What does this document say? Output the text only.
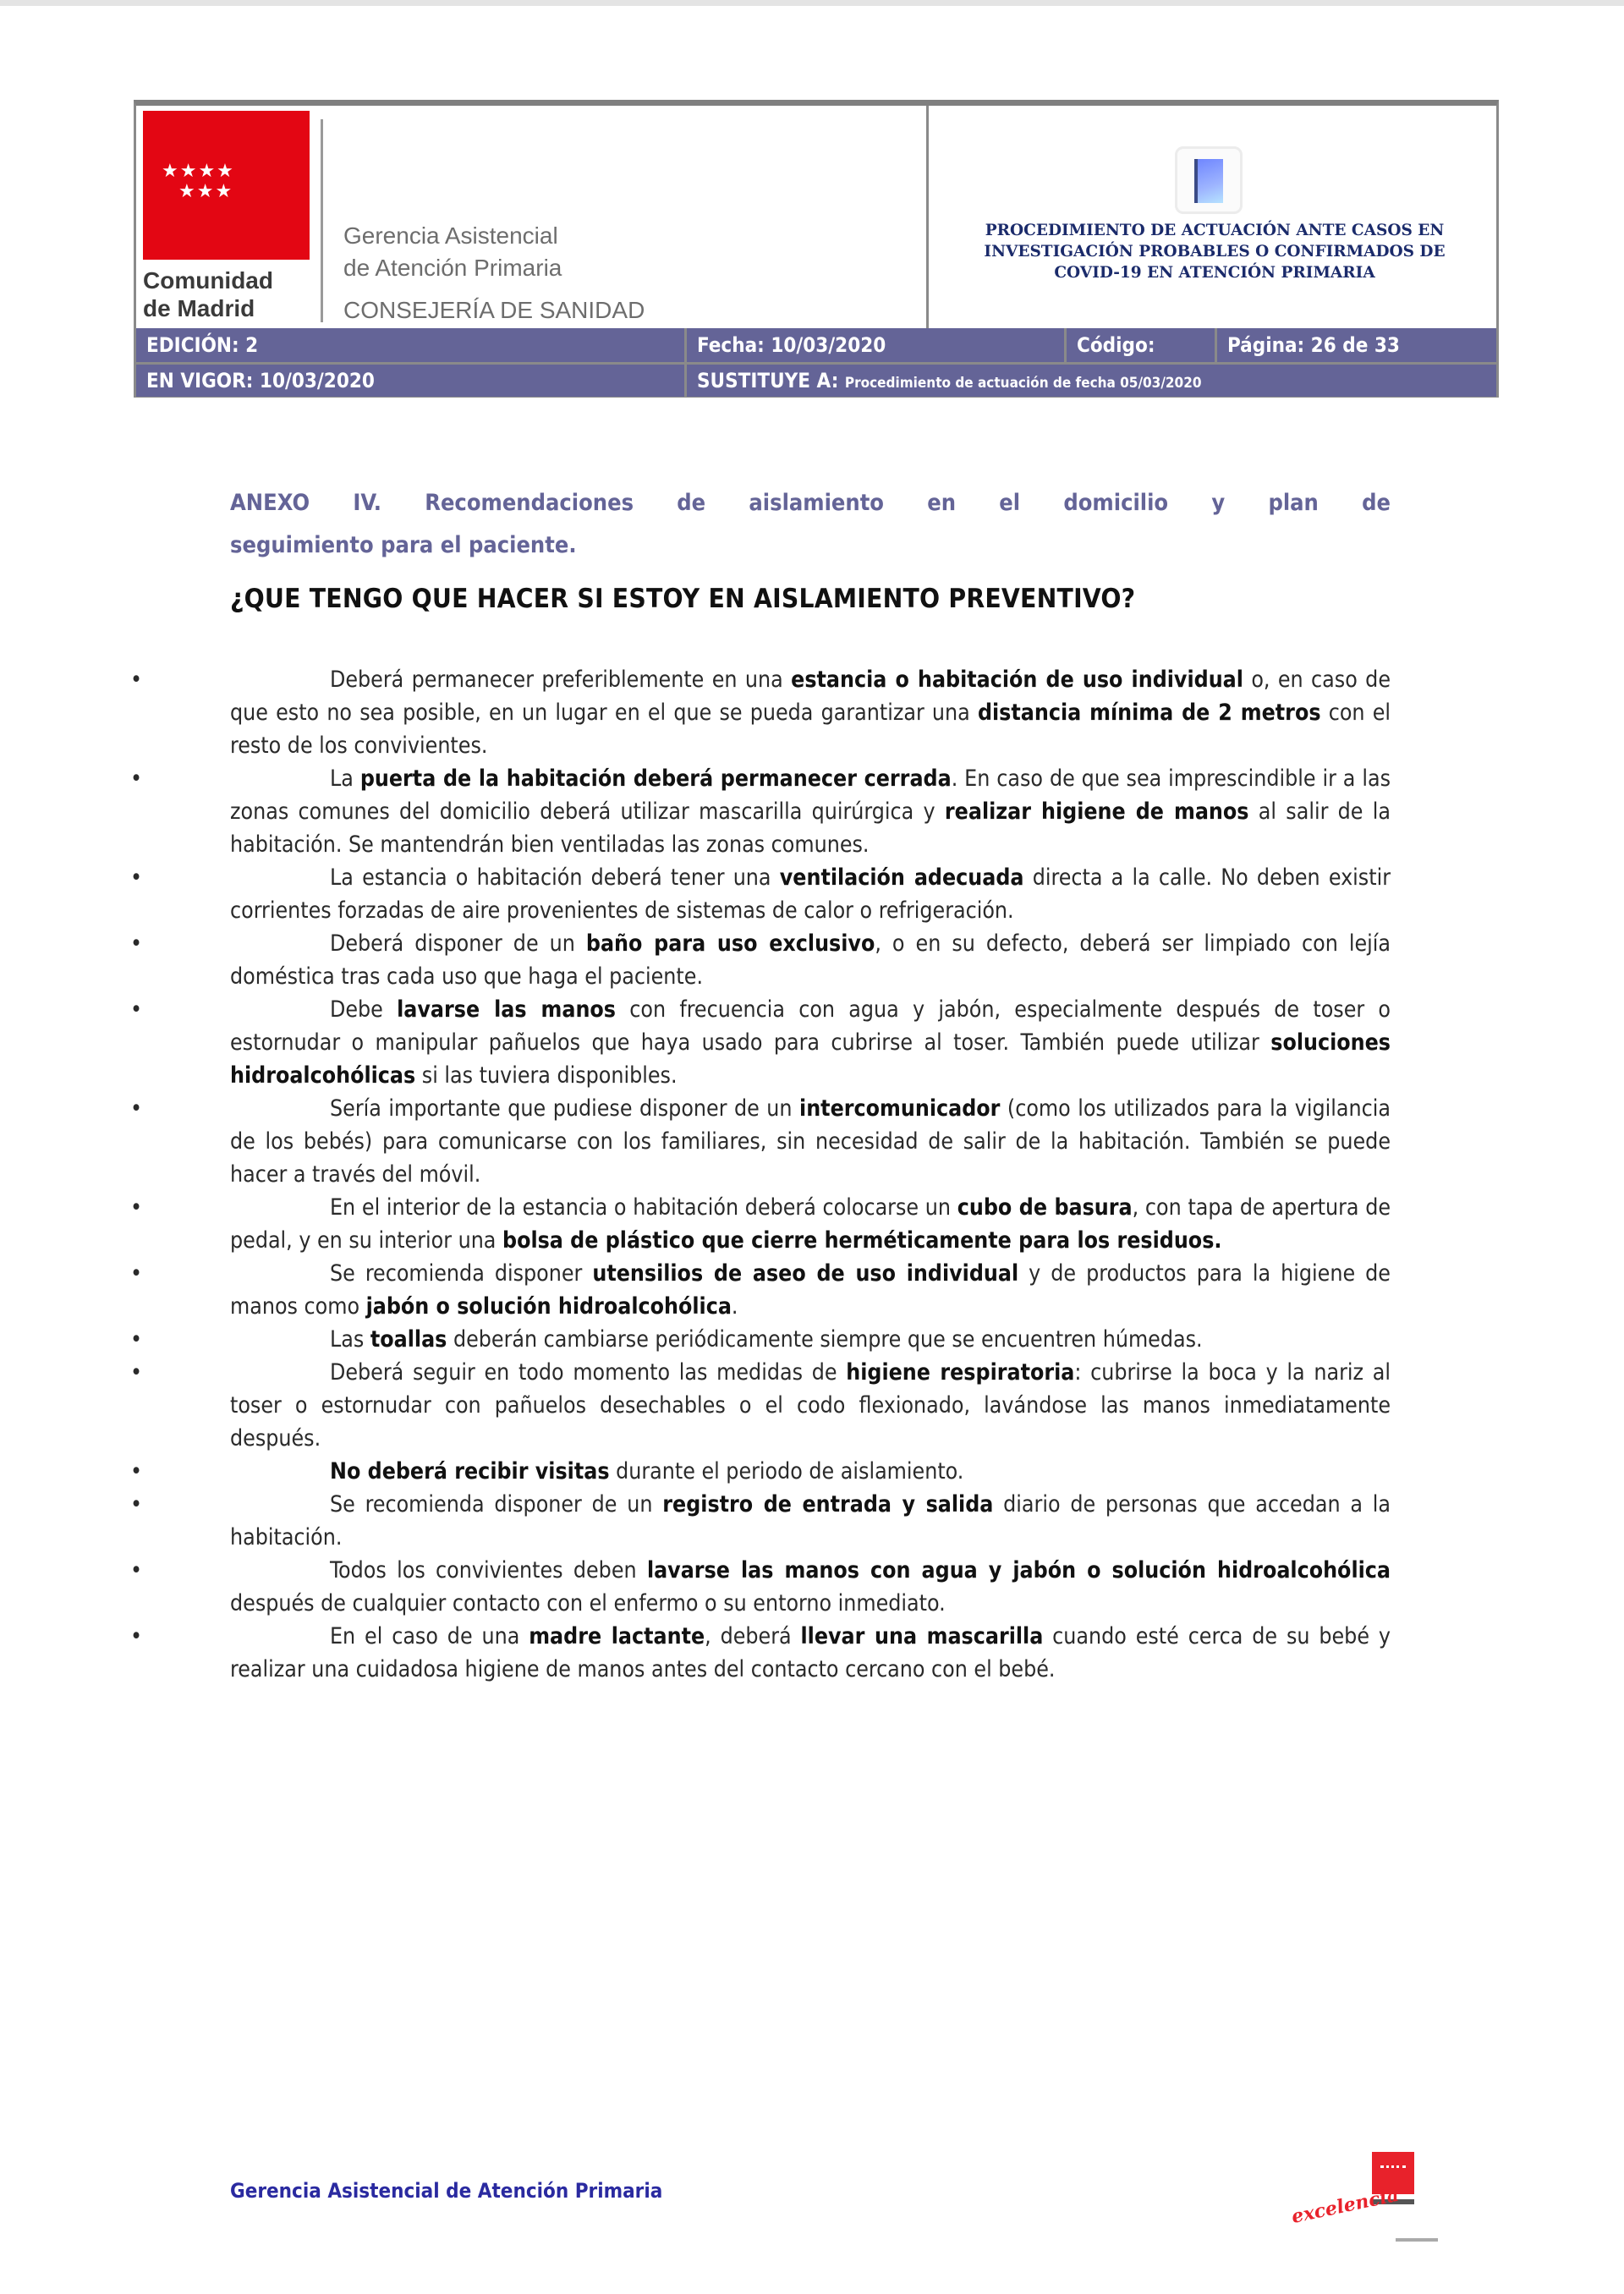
★★★★
★★★
Comunidad
de Madrid
Gerencia Asistencial
de Atención Primaria
CONSEJERÍA DE SANIDAD
PROCEDIMIENTO DE ACTUACIÓN ANTE CASOS EN
INVESTIGACIÓN PROBABLES O CONFIRMADOS DE
COVID-19 EN ATENCIÓN PRIMARIA
EDICIÓN: 2	Fecha: 10/03/2020	Código:	Página: 26 de 33
EN VIGOR: 10/03/2020	SUSTITUYE A: Procedimiento de actuación de fecha 05/03/2020
ANEXO IV. Recomendaciones de aislamiento en el domicilio y plan de
seguimiento para el paciente.
¿QUE TENGO QUE HACER SI ESTOY EN AISLAMIENTO PREVENTIVO?
•	Deberá permanecer preferiblemente en una estancia o habitación de uso individual o, en caso de que esto no sea posible, en un lugar en el que se pueda garantizar una distancia mínima de 2 metros con el resto de los convivientes.
•	La puerta de la habitación deberá permanecer cerrada. En caso de que sea imprescindible ir a las zonas comunes del domicilio deberá utilizar mascarilla quirúrgica y realizar higiene de manos al salir de la habitación. Se mantendrán bien ventiladas las zonas comunes.
•	La estancia o habitación deberá tener una ventilación adecuada directa a la calle. No deben existir corrientes forzadas de aire provenientes de sistemas de calor o refrigeración.
•	Deberá disponer de un baño para uso exclusivo, o en su defecto, deberá ser limpiado con lejía doméstica tras cada uso que haga el paciente.
•	Debe lavarse las manos con frecuencia con agua y jabón, especialmente después de toser o estornudar o manipular pañuelos que haya usado para cubrirse al toser. También puede utilizar soluciones hidroalcohólicas si las tuviera disponibles.
•	Sería importante que pudiese disponer de un intercomunicador (como los utilizados para la vigilancia de los bebés) para comunicarse con los familiares, sin necesidad de salir de la habitación. También se puede hacer a través del móvil.
•	En el interior de la estancia o habitación deberá colocarse un cubo de basura, con tapa de apertura de pedal, y en su interior una bolsa de plástico que cierre herméticamente para los residuos.
•	Se recomienda disponer utensilios de aseo de uso individual y de productos para la higiene de manos como jabón o solución hidroalcohólica.
•	Las toallas deberán cambiarse periódicamente siempre que se encuentren húmedas.
•	Deberá seguir en todo momento las medidas de higiene respiratoria: cubrirse la boca y la nariz al toser o estornudar con pañuelos desechables o el codo flexionado, lavándose las manos inmediatamente después.
•	No deberá recibir visitas durante el periodo de aislamiento.
•	Se recomienda disponer de un registro de entrada y salida diario de personas que accedan a la habitación.
•	Todos los convivientes deben lavarse las manos con agua y jabón o solución hidroalcohólica después de cualquier contacto con el enfermo o su entorno inmediato.
•	En el caso de una madre lactante, deberá llevar una mascarilla cuando esté cerca de su bebé y realizar una cuidadosa higiene de manos antes del contacto cercano con el bebé.
Gerencia Asistencial de Atención Primaria	excelencia
